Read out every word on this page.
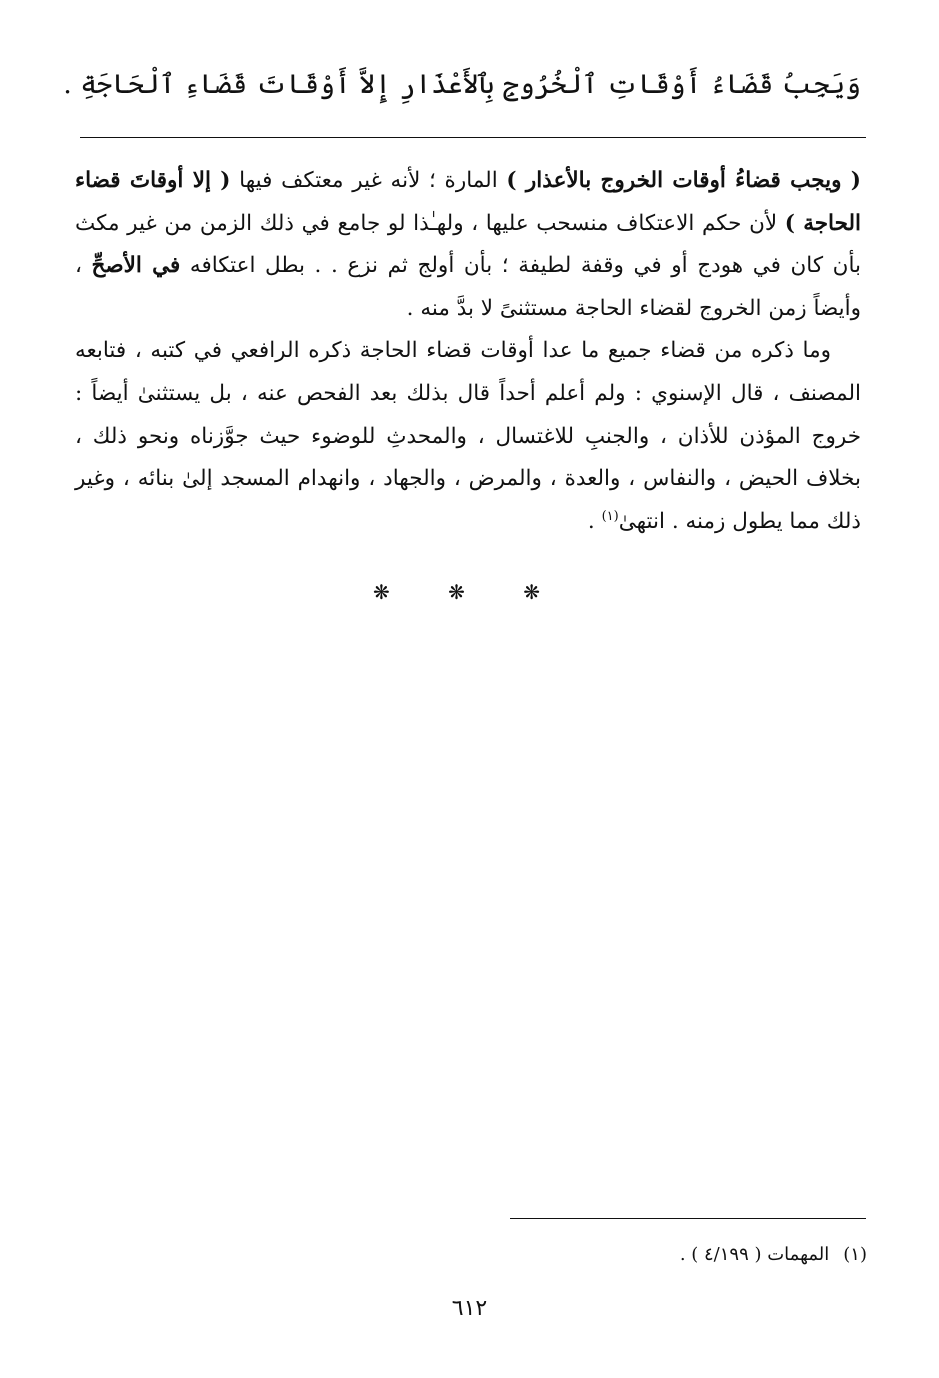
وَيَجِبُ قَضَاءُ أَوْقَاتِ ٱلْخُرُوجِ بِٱلأَعْذَارِ إِلاَّ أَوْقَاتَ قَضَاءِ ٱلْحَاجَةِ .

( ويجب قضاءُ أوقات الخروج بالأعذار ) المارة ؛ لأنه غير معتكف فيها ( إلا أوقاتَ قضاء الحاجة ) لأن حكم الاعتكاف منسحب عليها ، ولهـٰذا لو جامع في ذلك الزمن من غير مكث بأن كان في هودج أو في وقفة لطيفة ؛ بأن أولج ثم نزع . . بطل اعتكافه في الأصحِّ ، وأيضاً زمن الخروج لقضاء الحاجة مستثنىً لا بدَّ منه .

وما ذكره من قضاء جميع ما عدا أوقات قضاء الحاجة ذكره الرافعي في كتبه ، فتابعه المصنف ، قال الإسنوي : ولم أعلم أحداً قال بذلك بعد الفحص عنه ، بل يستثنىٰ أيضاً : خروج المؤذن للأذان ، والجنبِ للاغتسال ، والمحدثِ للوضوء حيث جوَّزناه ونحو ذلك ، بخلاف الحيض ، والنفاس ، والعدة ، والمرض ، والجهاد ، وانهدام المسجد إلىٰ بنائه ، وغير ذلك مما يطول زمنه . انتهىٰ$^{(١)}$ .

❋ ❋ ❋
(١)المهمات ( ٤/١٩٩ ) .
٦١٢
